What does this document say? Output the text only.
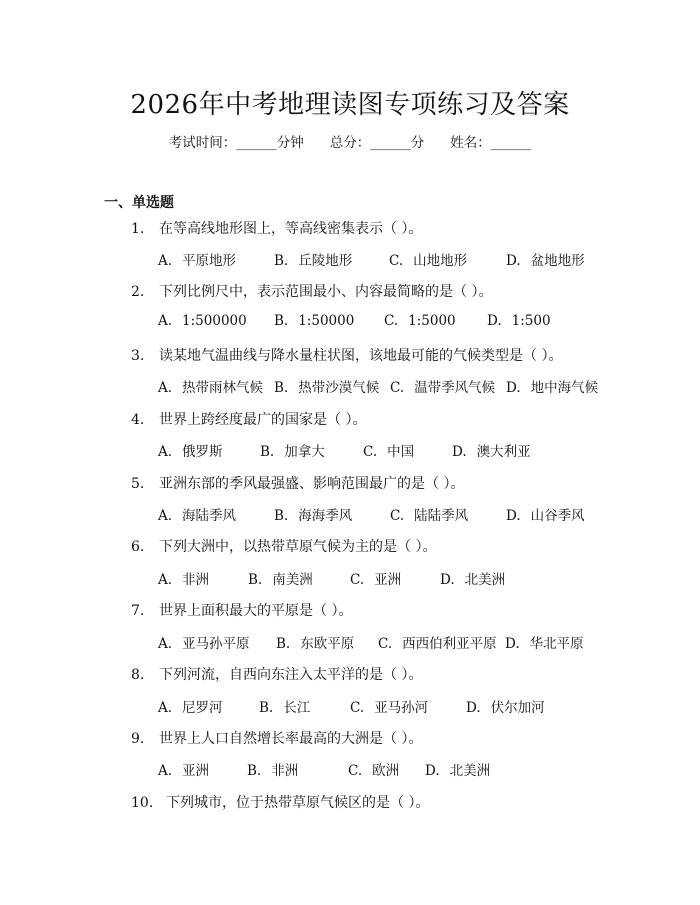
2026年中考地理读图专项练习及答案
考试时间：______分钟 总分：______分 姓名：______
一、单选题
1. 在等高线地形图上，等高线密集表示（ ）。
A. 平原地形	B. 丘陵地形	C. 山地地形	D. 盆地地形
2. 下列比例尺中，表示范围最小、内容最简略的是（ ）。
A. 1:500000 B. 1:50000 C. 1:5000 D. 1:500
3. 读某地气温曲线与降水量柱状图，该地最可能的气候类型是（ ）。
A. 热带雨林气候 B. 热带沙漠气候 C. 温带季风气候 D. 地中海气候
4. 世界上跨经度最广的国家是（ ）。
A. 俄罗斯	B. 加拿大	C. 中国	D. 澳大利亚
5. 亚洲东部的季风最强盛、影响范围最广的是（ ）。
A. 海陆季风	B. 海海季风	C. 陆陆季风	D. 山谷季风
6. 下列大洲中，以热带草原气候为主的是（ ）。
A. 非洲	B. 南美洲	C. 亚洲	D. 北美洲
7. 世界上面积最大的平原是（ ）。
A. 亚马孙平原 B. 东欧平原 C. 西西伯利亚平原 D. 华北平原
8. 下列河流，自西向东注入太平洋的是（ ）。
A. 尼罗河	B. 长江	C. 亚马孙河	D. 伏尔加河
9. 世界上人口自然增长率最高的大洲是（ ）。
A. 亚洲	B. 非洲	C. 欧洲 D. 北美洲
10. 下列城市，位于热带草原气候区的是（ ）。
